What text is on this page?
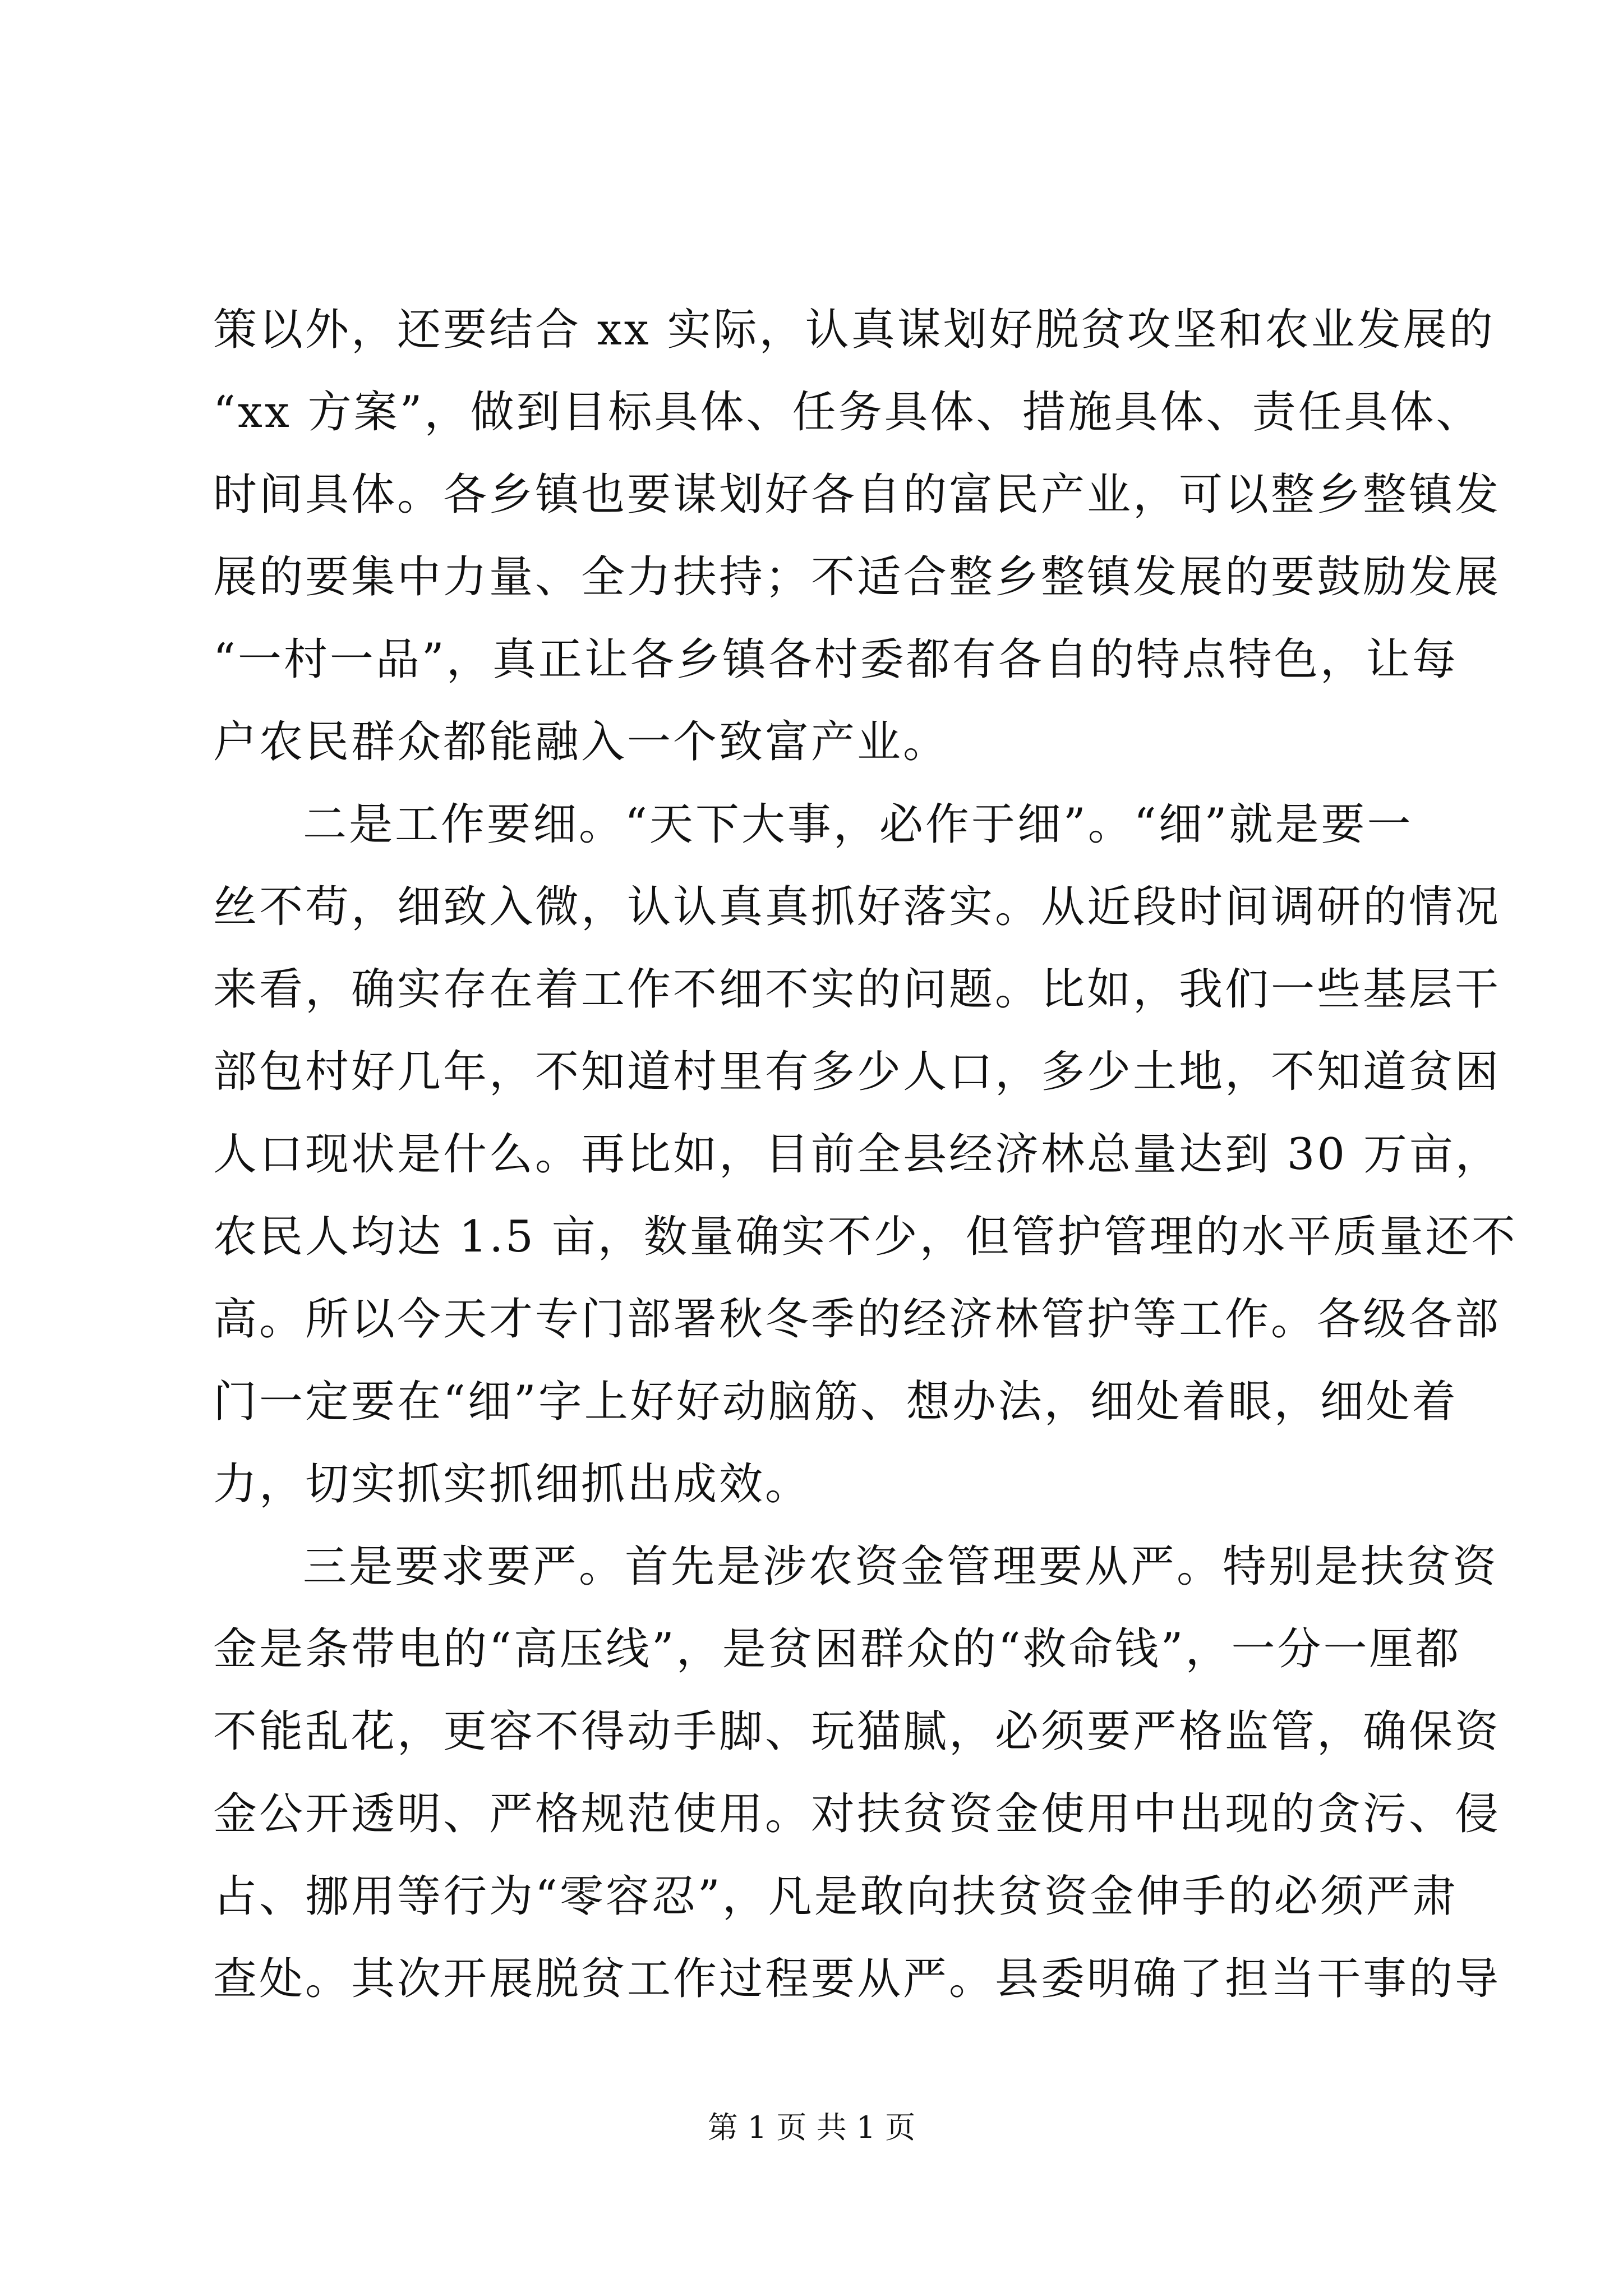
策以外，还要结合 xx 实际，认真谋划好脱贫攻坚和农业发展的
“xx 方案”，做到目标具体、任务具体、措施具体、责任具体、
时间具体。各乡镇也要谋划好各自的富民产业，可以整乡整镇发
展的要集中力量、全力扶持；不适合整乡整镇发展的要鼓励发展
“一村一品”，真正让各乡镇各村委都有各自的特点特色，让每
户农民群众都能融入一个致富产业。
二是工作要细。“天下大事，必作于细”。“细”就是要一
丝不苟，细致入微，认认真真抓好落实。从近段时间调研的情况
来看，确实存在着工作不细不实的问题。比如，我们一些基层干
部包村好几年，不知道村里有多少人口，多少土地，不知道贫困
人口现状是什么。再比如，目前全县经济林总量达到 30 万亩，
农民人均达 1.5 亩，数量确实不少，但管护管理的水平质量还不
高。所以今天才专门部署秋冬季的经济林管护等工作。各级各部
门一定要在“细”字上好好动脑筋、想办法，细处着眼，细处着
力，切实抓实抓细抓出成效。
三是要求要严。首先是涉农资金管理要从严。特别是扶贫资
金是条带电的“高压线”，是贫困群众的“救命钱”，一分一厘都
不能乱花，更容不得动手脚、玩猫腻，必须要严格监管，确保资
金公开透明、严格规范使用。对扶贫资金使用中出现的贪污、侵
占、挪用等行为“零容忍”，凡是敢向扶贫资金伸手的必须严肃
查处。其次开展脱贫工作过程要从严。县委明确了担当干事的导
第 1 页 共 1 页
